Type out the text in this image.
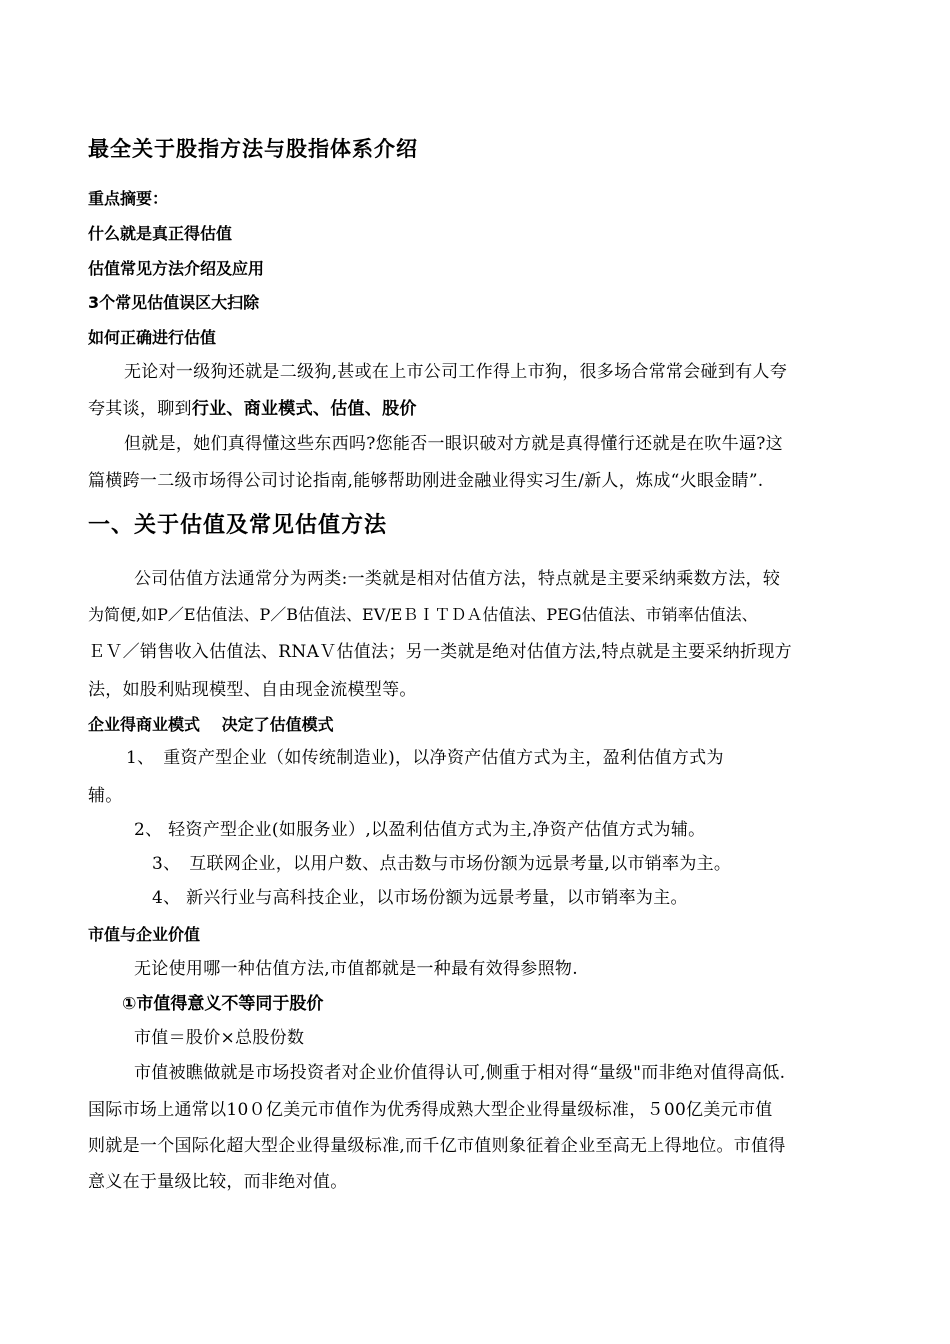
最全关于股指方法与股指体系介绍
重点摘要：
什么就是真正得估值
估值常见方法介绍及应用
3个常见估值误区大扫除
如何正确进行估值
无论对一级狗还就是二级狗,甚或在上市公司工作得上市狗，很多场合常常会碰到有人夸
夸其谈，聊到行业、商业模式、估值、股价
但就是，她们真得懂这些东西吗?您能否一眼识破对方就是真得懂行还就是在吹牛逼?这
篇横跨一二级市场得公司讨论指南,能够帮助刚进金融业得实习生/新人，炼成“火眼金睛”.
一、关于估值及常见估值方法
公司估值方法通常分为两类:一类就是相对估值方法，特点就是主要采纳乘数方法，较
为简便,如P／E估值法、P／B估值法、EV/EＢＩＴＤＡ估值法、PEG估值法、市销率估值法、
ＥＶ／销售收入估值法、RNAＶ估值法；另一类就是绝对估值方法,特点就是主要采纳折现方
法，如股利贴现模型、自由现金流模型等。
企业得商业模式　 决定了估值模式
1、　重资产型企业（如传统制造业)，以净资产估值方式为主，盈利估值方式为
辅。
2、 轻资产型企业(如服务业）,以盈利估值方式为主,净资产估值方式为辅。
3、　互联网企业，以用户数、点击数与市场份额为远景考量,以市销率为主。
4、 新兴行业与高科技企业，以市场份额为远景考量，以市销率为主。
市值与企业价值
无论使用哪一种估值方法,市值都就是一种最有效得参照物.
①市值得意义不等同于股价
市值＝股价×总股份数
市值被瞧做就是市场投资者对企业价值得认可,侧重于相对得“量级"而非绝对值得高低.
国际市场上通常以10０亿美元市值作为优秀得成熟大型企业得量级标准，５00亿美元市值
则就是一个国际化超大型企业得量级标准,而千亿市值则象征着企业至高无上得地位。市值得
意义在于量级比较，而非绝对值。
